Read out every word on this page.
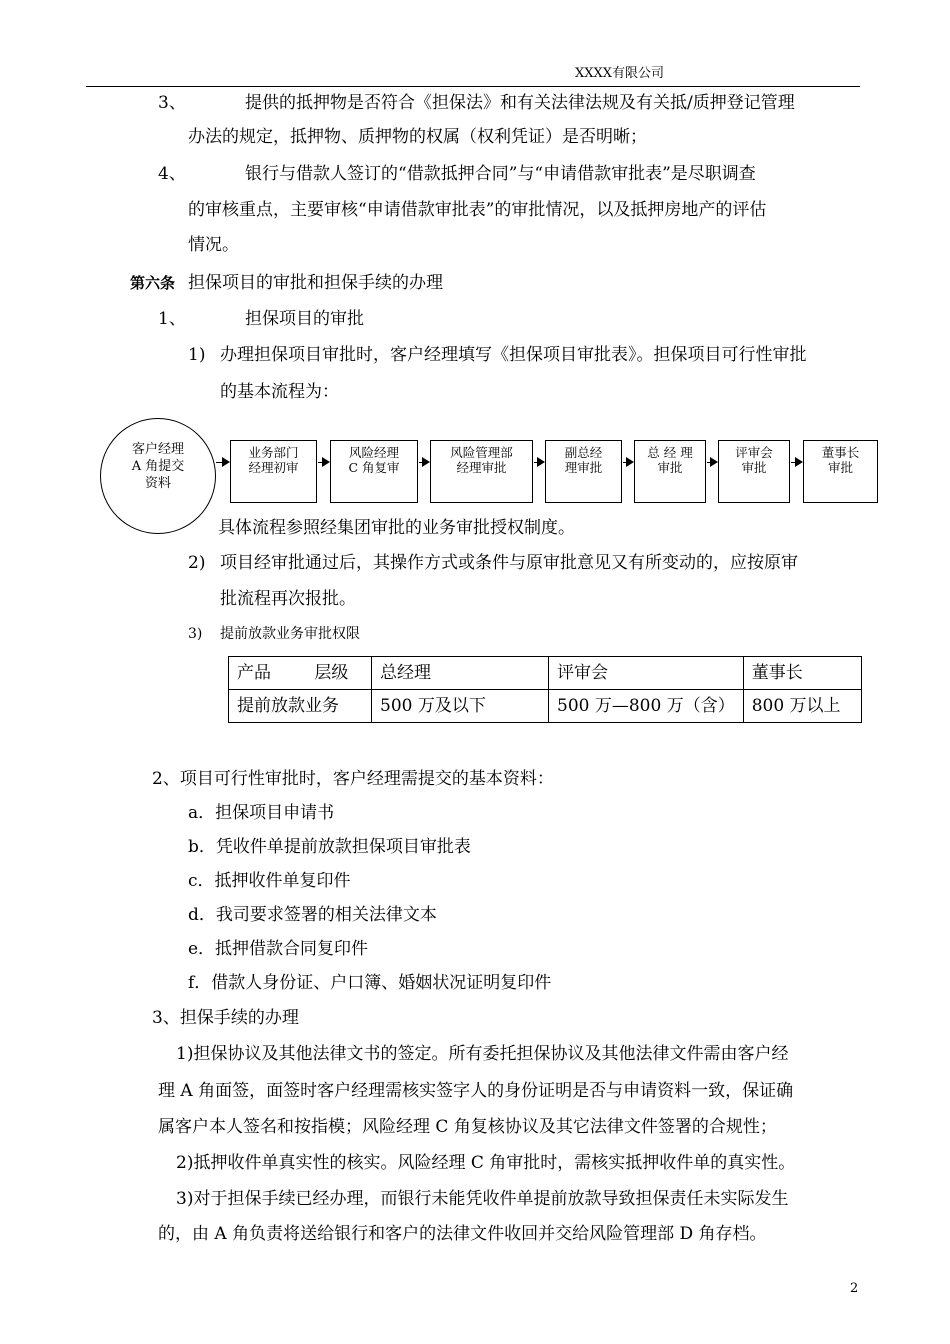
XXXX有限公司
3、	提供的抵押物是否符合《担保法》和有关法律法规及有关抵/质押登记管理
办法的规定，抵押物、质押物的权属（权利凭证）是否明晰；
4、	银行与借款人签订的“借款抵押合同”与“申请借款审批表”是尽职调查
的审核重点，主要审核“申请借款审批表”的审批情况，以及抵押房地产的评估
情况。
第六条 担保项目的审批和担保手续的办理
1、	担保项目的审批
1) 办理担保项目审批时，客户经理填写《担保项目审批表》。担保项目可行性审批
的基本流程为：
客户经理
A 角提交
资料
业务部门
经理初审
风险经理
C 角复审
风险管理部
经理审批
副总经
理审批
总 经 理
审批
评审会
审批
董事长
审批
具体流程参照经集团审批的业务审批授权制度。
2) 项目经审批通过后，其操作方式或条件与原审批意见又有所变动的，应按原审
批流程再次报批。
3) 提前放款业务审批权限
产品 层级	总经理	评审会	董事长
提前放款业务	500 万及以下	500 万—800 万（含）	800 万以上
2、项目可行性审批时，客户经理需提交的基本资料：
a．担保项目申请书
b．凭收件单提前放款担保项目审批表
c．抵押收件单复印件
d．我司要求签署的相关法律文本
e．抵押借款合同复印件
f．借款人身份证、户口簿、婚姻状况证明复印件
3、担保手续的办理
1)担保协议及其他法律文书的签定。所有委托担保协议及其他法律文件需由客户经
理 A 角面签，面签时客户经理需核实签字人的身份证明是否与申请资料一致，保证确
属客户本人签名和按指模；风险经理 C 角复核协议及其它法律文件签署的合规性；
2)抵押收件单真实性的核实。风险经理 C 角审批时，需核实抵押收件单的真实性。
3)对于担保手续已经办理，而银行未能凭收件单提前放款导致担保责任未实际发生
的，由 A 角负责将送给银行和客户的法律文件收回并交给风险管理部 D 角存档。
2
